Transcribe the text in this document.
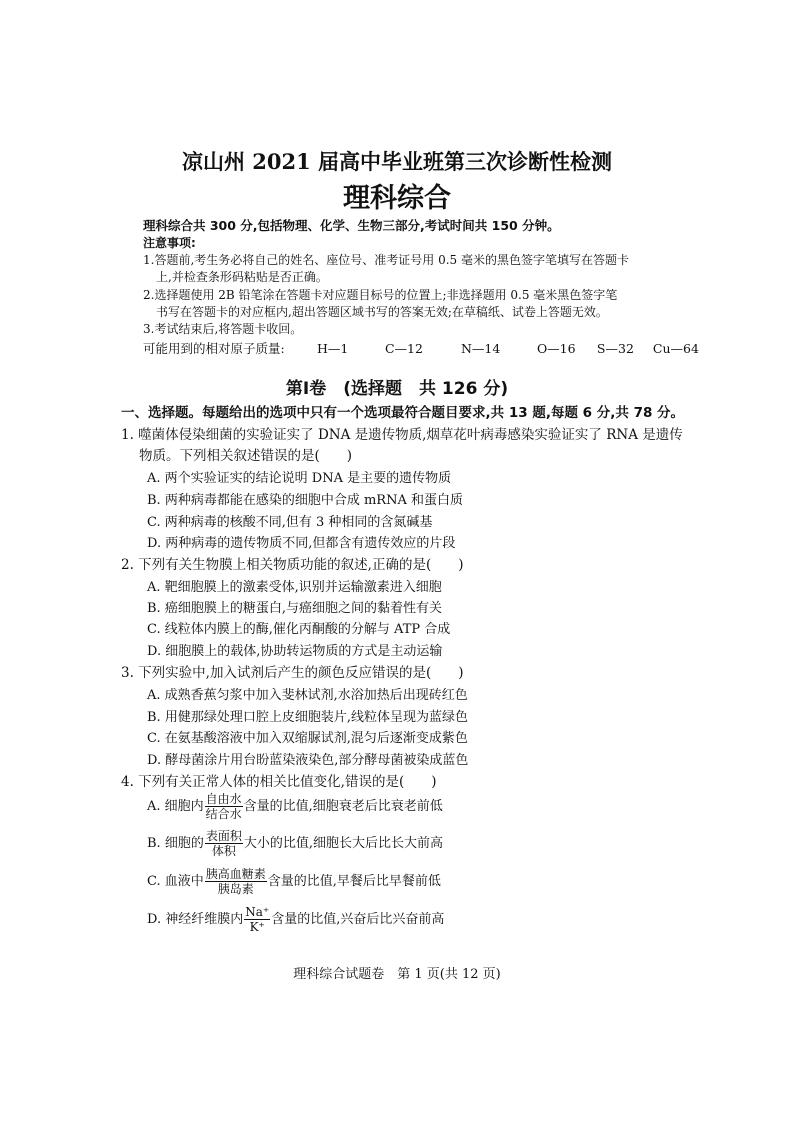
凉山州 2021 届高中毕业班第三次诊断性检测
理科综合
理科综合共 300 分,包括物理、化学、生物三部分,考试时间共 150 分钟。
注意事项:
1.答题前,考生务必将自己的姓名、座位号、准考证号用 0.5 毫米的黑色签字笔填写在答题卡
上,并检查条形码粘贴是否正确。
2.选择题使用 2B 铅笔涂在答题卡对应题目标号的位置上;非选择题用 0.5 毫米黑色签字笔
书写在答题卡的对应框内,超出答题区域书写的答案无效;在草稿纸、试卷上答题无效。
3.考试结束后,将答题卡收回。
可能用到的相对原子质量:	H—1	C—12	N—14	O—16 S—32 Cu—64
第Ⅰ卷　(选择题　共 126 分)
一、选择题。每题给出的选项中只有一个选项最符合题目要求,共 13 题,每题 6 分,共 78 分。
1. 噬菌体侵染细菌的实验证实了 DNA 是遗传物质,烟草花叶病毒感染实验证实了 RNA 是遗传
物质。下列相关叙述错误的是(　　)
A. 两个实验证实的结论说明 DNA 是主要的遗传物质
B. 两种病毒都能在感染的细胞中合成 mRNA 和蛋白质
C. 两种病毒的核酸不同,但有 3 种相同的含氮碱基
D. 两种病毒的遗传物质不同,但都含有遗传效应的片段
2. 下列有关生物膜上相关物质功能的叙述,正确的是(　　)
A. 靶细胞膜上的激素受体,识别并运输激素进入细胞
B. 癌细胞膜上的糖蛋白,与癌细胞之间的黏着性有关
C. 线粒体内膜上的酶,催化丙酮酸的分解与 ATP 合成
D. 细胞膜上的载体,协助转运物质的方式是主动运输
3. 下列实验中,加入试剂后产生的颜色反应错误的是(　　)
A. 成熟香蕉匀浆中加入斐林试剂,水浴加热后出现砖红色
B. 用健那绿处理口腔上皮细胞装片,线粒体呈现为蓝绿色
C. 在氨基酸溶液中加入双缩脲试剂,混匀后逐渐变成紫色
D. 酵母菌涂片用台盼蓝染液染色,部分酵母菌被染成蓝色
4. 下列有关正常人体的相关比值变化,错误的是(　　)
A. 细胞内 $\frac{\text{自由水}}{\text{结合水}}$ 含量的比值,细胞衰老后比衰老前低
B. 细胞的 $\frac{\text{表面积}}{\text{体积}}$ 大小的比值,细胞长大后比长大前高
C. 血液中 $\frac{\text{胰高血糖素}}{\text{胰岛素}}$ 含量的比值,早餐后比早餐前低
D. 神经纤维膜内 $\frac{Na^+}{K^+}$ 含量的比值,兴奋后比兴奋前高
理科综合试题卷　第 1 页(共 12 页)
